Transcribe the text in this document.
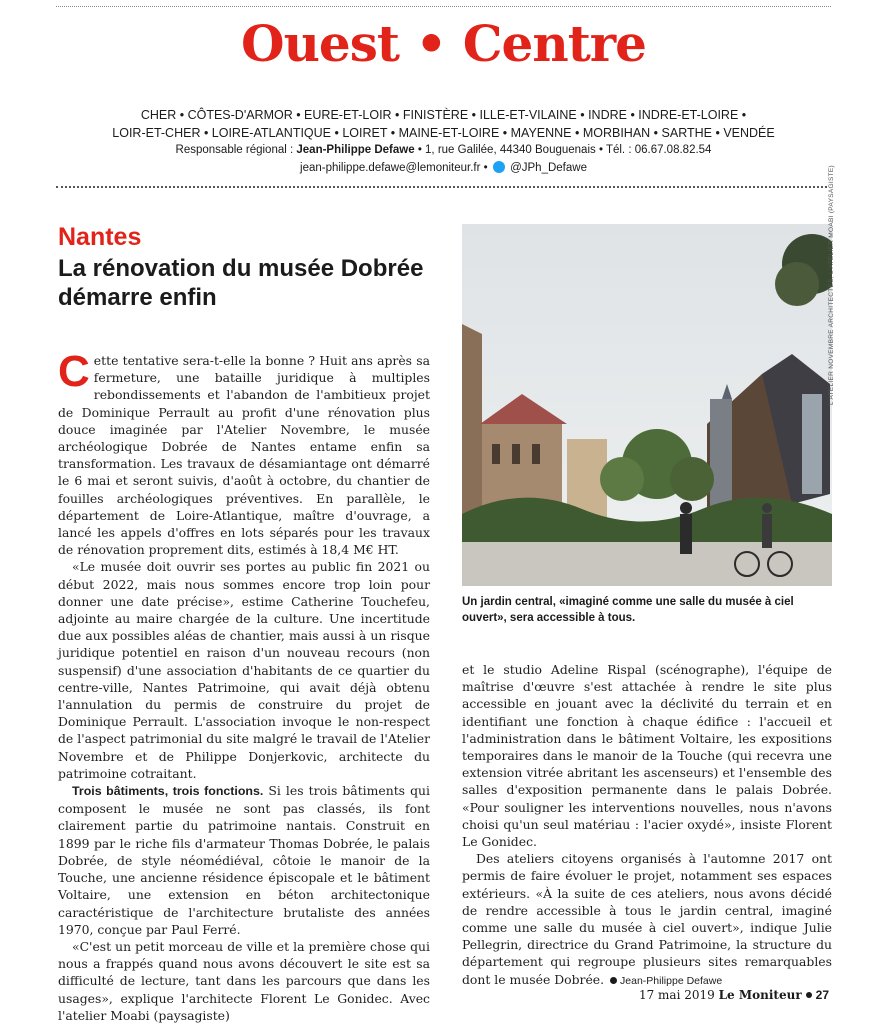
Ouest • Centre
CHER • CÔTES-D'ARMOR • EURE-ET-LOIR • FINISTÈRE • ILLE-ET-VILAINE • INDRE • INDRE-ET-LOIRE •
LOIR-ET-CHER • LOIRE-ATLANTIQUE • LOIRET • MAINE-ET-LOIRE • MAYENNE • MORBIHAN • SARTHE • VENDÉE
Responsable régional : Jean-Philippe Defawe • 1, rue Galilée, 44340 Bouguenais • Tél. : 06.67.08.82.54
jean-philippe.defawe@lemoniteur.fr •  @JPh_Defawe
Nantes
La rénovation du musée Dobrée démarre enfin

Cette tentative sera-t-elle la bonne ? Huit ans après sa fermeture, une bataille juridique à multiples rebondissements et l'abandon de l'ambitieux projet de Dominique Perrault au profit d'une rénovation plus douce imaginée par l'Atelier Novembre, le musée archéologique Dobrée de Nantes entame enfin sa transformation. Les travaux de désamiantage ont démarré le 6 mai et seront suivis, d'août à octobre, du chantier de fouilles archéologiques préventives. En parallèle, le département de Loire-Atlantique, maître d'ouvrage, a lancé les appels d'offres en lots séparés pour les travaux de rénovation proprement dits, estimés à 18,4 M€ HT.

«Le musée doit ouvrir ses portes au public fin 2021 ou début 2022, mais nous sommes encore trop loin pour donner une date précise», estime Catherine Touchefeu, adjointe au maire chargée de la culture. Une incertitude due aux possibles aléas de chantier, mais aussi à un risque juridique potentiel en raison d'un nouveau recours (non suspensif) d'une association d'habitants de ce quartier du centre-ville, Nantes Patrimoine, qui avait déjà obtenu l'annulation du permis de construire du projet de Dominique Perrault. L'association invoque le non-respect de l'aspect patrimonial du site malgré le travail de l'Atelier Novembre et de Philippe Donjerkovic, architecte du patrimoine cotraitant.

Trois bâtiments, trois fonctions. Si les trois bâtiments qui composent le musée ne sont pas classés, ils font clairement partie du patrimoine nantais. Construit en 1899 par le riche fils d'armateur Thomas Dobrée, le palais Dobrée, de style néomédiéval, côtoie le manoir de la Touche, une ancienne résidence épiscopale et le bâtiment Voltaire, une extension en béton architectonique caractéristique de l'architecture brutaliste des années 1970, conçue par Paul Ferré.

«C'est un petit morceau de ville et la première chose qui nous a frappés quand nous avons découvert le site est sa difficulté de lecture, tant dans les parcours que dans les usages», explique l'architecte Florent Le Gonidec. Avec l'atelier Moabi (paysagiste)

L'ATELIER NOVEMBRE ARCHITECTES, L'ATELIER MOABI (PAYSAGISTE)
Un jardin central, «imaginé comme une salle du musée à ciel ouvert», sera accessible à tous.

et le studio Adeline Rispal (scénographe), l'équipe de maîtrise d'œuvre s'est attachée à rendre le site plus accessible en jouant avec la déclivité du terrain et en identifiant une fonction à chaque édifice : l'accueil et l'administration dans le bâtiment Voltaire, les expositions temporaires dans le manoir de la Touche (qui recevra une extension vitrée abritant les ascenseurs) et l'ensemble des salles d'exposition permanente dans le palais Dobrée. «Pour souligner les interventions nouvelles, nous n'avons choisi qu'un seul matériau : l'acier oxydé», insiste Florent Le Gonidec.

Des ateliers citoyens organisés à l'automne 2017 ont permis de faire évoluer le projet, notamment ses espaces extérieurs. «À la suite de ces ateliers, nous avons décidé de rendre accessible à tous le jardin central, imaginé comme une salle du musée à ciel ouvert», indique Julie Pellegrin, directrice du Grand Patrimoine, la structure du département qui regroupe plusieurs sites remarquables dont le musée Dobrée. Jean-Philippe Defawe

17 mai 2019 Le Moniteur 27
